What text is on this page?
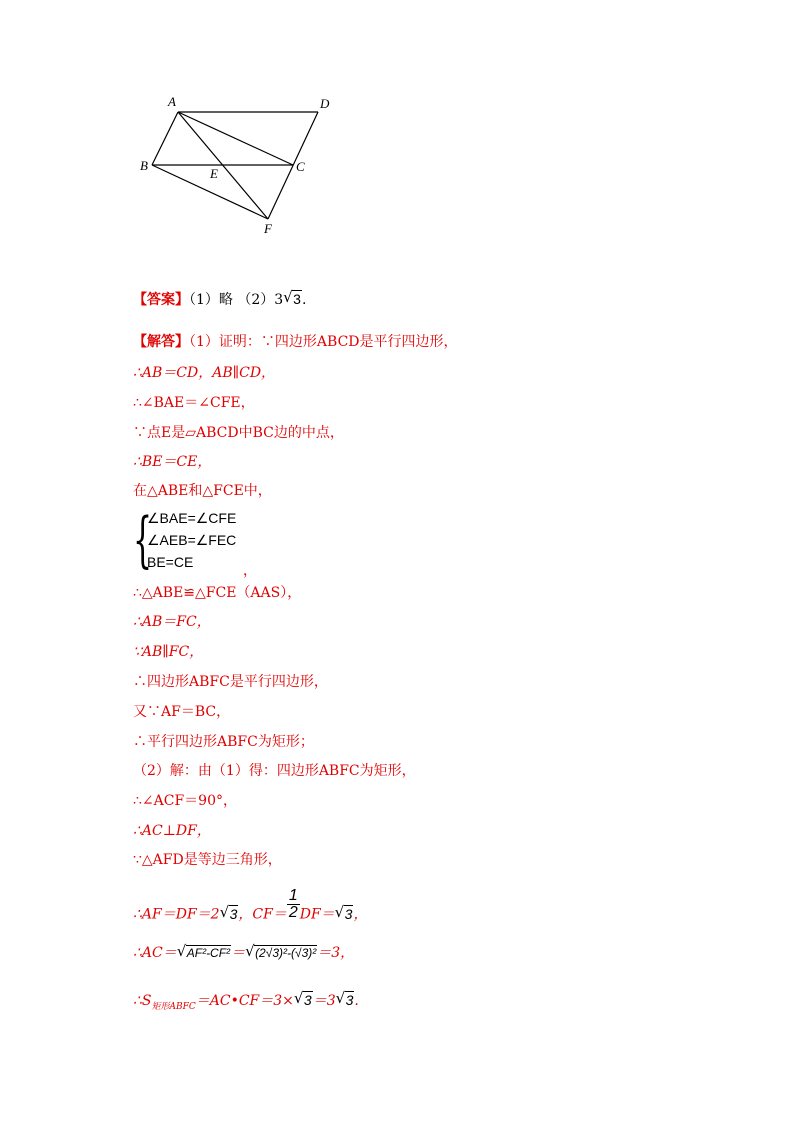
A	D
B	C
E
F
【答案】（1）略 （2）3√ 3.
【解答】（1）证明：∵四边形ABCD是平行四边形，
∴AB＝CD，AB∥CD，
∴∠BAE＝∠CFE，
∵点E是▱ABCD中BC边的中点，
∴BE＝CE，
在△ABE和△FCE中，
{
∠BAE=∠CFE
∠AEB=∠FEC
BE=CE	，
∴△ABE≌△FCE（AAS），
∴AB＝FC，
∵AB∥FC，
∴四边形ABFC是平行四边形，
又∵AF＝BC，
∴平行四边形ABFC为矩形；
（2）解：由（1）得：四边形ABFC为矩形，
∴∠ACF＝90°，
∴AC⊥DF，
∵△AFD是等边三角形，
∴AF＝DF＝2√ 3，$CF= \frac{1}{2} DF=√$ 3，
∴AC＝√ AF²-CF²＝√ (2√3)²-(√3)²＝3，
$\therefore S_{矩形ABFC}=AC•CF=3\times√$ 3＝3√ 3.
